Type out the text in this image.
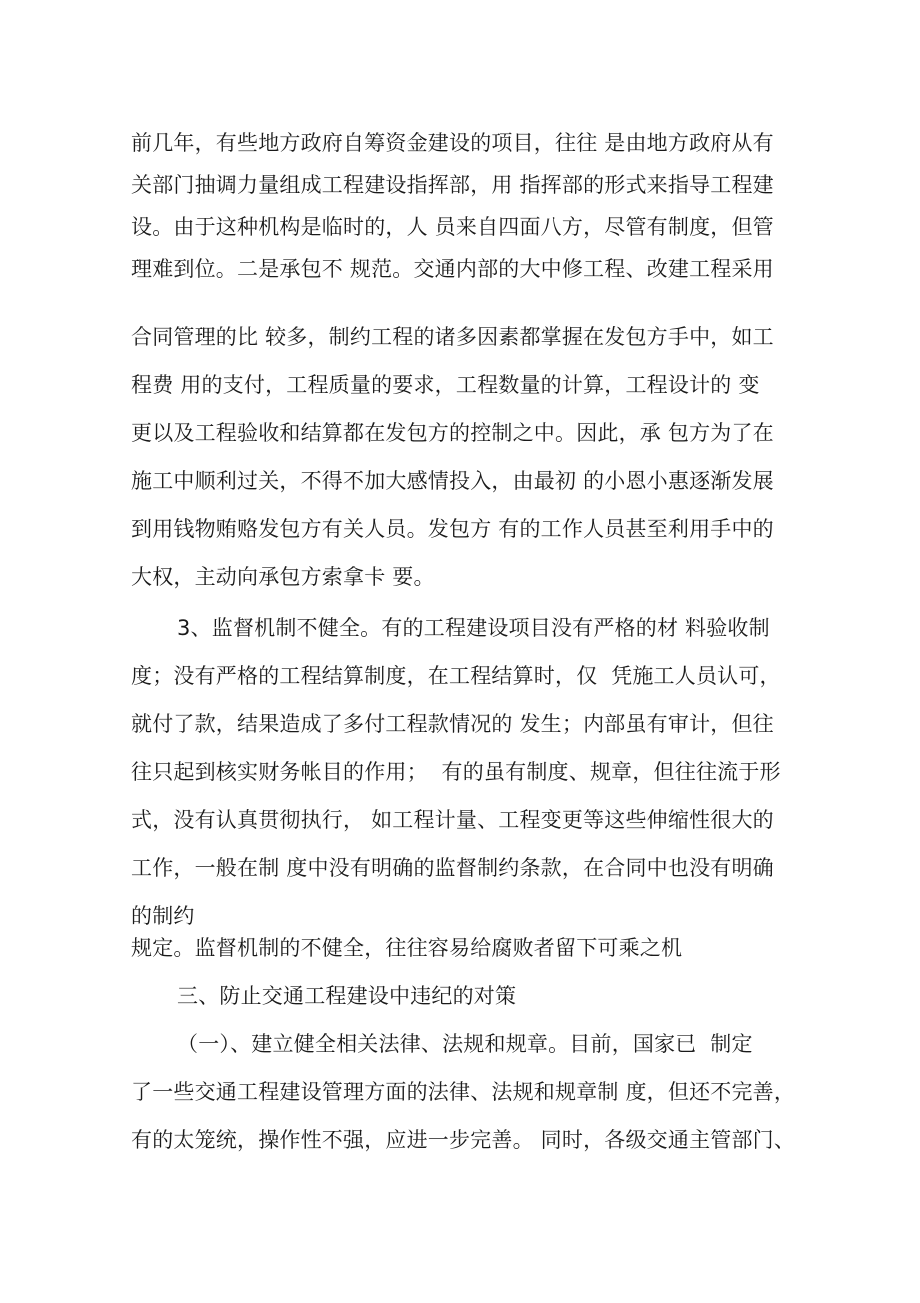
前几年，有些地方政府自筹资金建设的项目，往往 是由地方政府从有
关部门抽调力量组成工程建设指挥部，用 指挥部的形式来指导工程建
设。由于这种机构是临时的，人 员来自四面八方，尽管有制度，但管
理难到位。二是承包不 规范。交通内部的大中修工程、改建工程采用
合同管理的比 较多，制约工程的诸多因素都掌握在发包方手中，如工
程费 用的支付，工程质量的要求，工程数量的计算，工程设计的 变
更以及工程验收和结算都在发包方的控制之中。因此，承 包方为了在
施工中顺利过关，不得不加大感情投入，由最初 的小恩小惠逐渐发展
到用钱物贿赂发包方有关人员。发包方 有的工作人员甚至利用手中的
大权，主动向承包方索拿卡 要。
3、监督机制不健全。有的工程建设项目没有严格的材 料验收制
度；没有严格的工程结算制度，在工程结算时，仅  凭施工人员认可，
就付了款，结果造成了多付工程款情况的 发生；内部虽有审计，但往
往只起到核实财务帐目的作用；  有的虽有制度、规章，但往往流于形
式，没有认真贯彻执行， 如工程计量、工程变更等这些伸缩性很大的
工作，一般在制 度中没有明确的监督制约条款，在合同中也没有明确
的制约
规定。监督机制的不健全，往往容易给腐败者留下可乘之机
三、防止交通工程建设中违纪的对策
（一）、建立健全相关法律、法规和规章。目前，国家已  制定
了一些交通工程建设管理方面的法律、法规和规章制 度，但还不完善，
有的太笼统，操作性不强，应进一步完善。 同时，各级交通主管部门、
